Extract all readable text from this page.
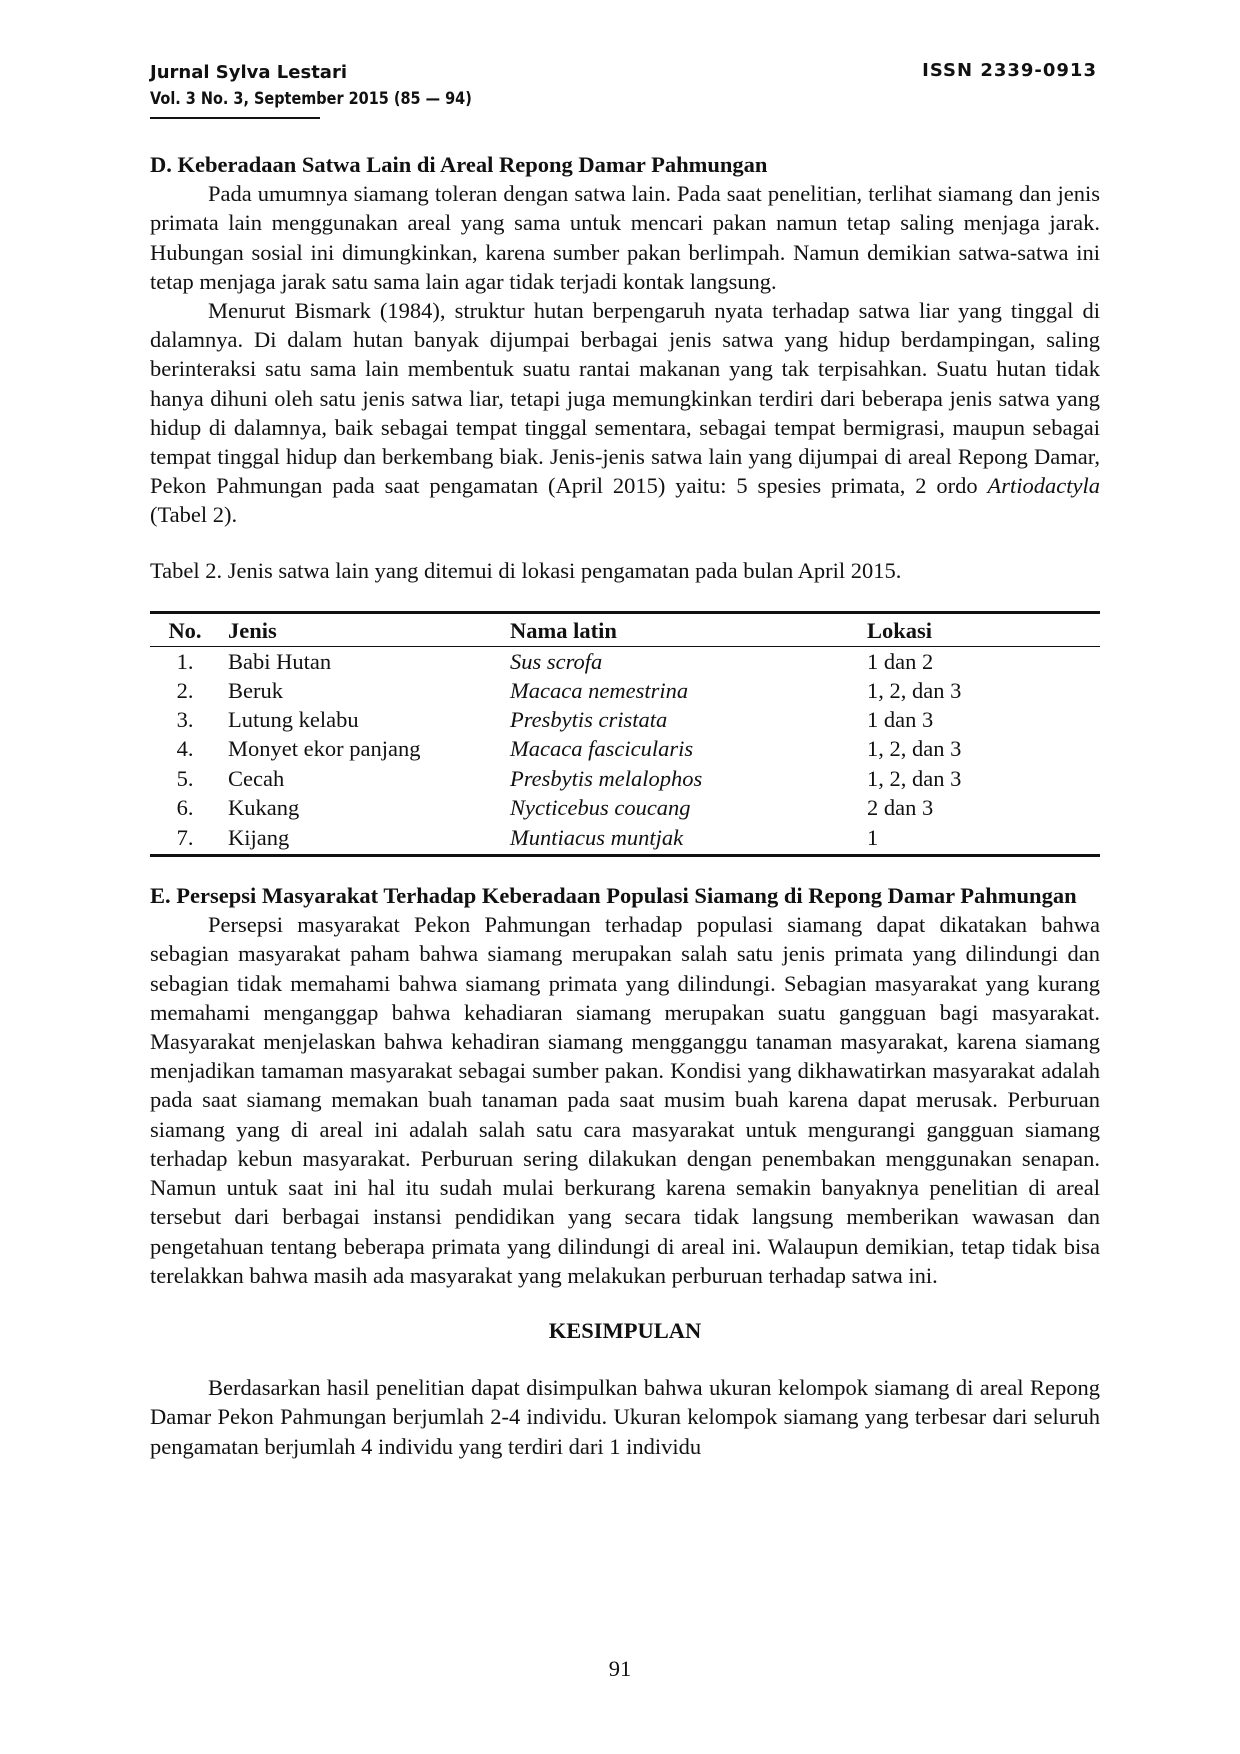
Jurnal Sylva Lestari
Vol. 3 No. 3, September 2015 (85 — 94)
ISSN 2339-0913

D. Keberadaan Satwa Lain di Areal Repong Damar Pahmungan

Pada umumnya siamang toleran dengan satwa lain. Pada saat penelitian, terlihat siamang dan jenis primata lain menggunakan areal yang sama untuk mencari pakan namun tetap saling menjaga jarak. Hubungan sosial ini dimungkinkan, karena sumber pakan berlimpah. Namun demikian satwa-satwa ini tetap menjaga jarak satu sama lain agar tidak terjadi kontak langsung.

Menurut Bismark (1984), struktur hutan berpengaruh nyata terhadap satwa liar yang tinggal di dalamnya. Di dalam hutan banyak dijumpai berbagai jenis satwa yang hidup berdampingan, saling berinteraksi satu sama lain membentuk suatu rantai makanan yang tak terpisahkan. Suatu hutan tidak hanya dihuni oleh satu jenis satwa liar, tetapi juga memungkinkan terdiri dari beberapa jenis satwa yang hidup di dalamnya, baik sebagai tempat tinggal sementara, sebagai tempat bermigrasi, maupun sebagai tempat tinggal hidup dan berkembang biak. Jenis-jenis satwa lain yang dijumpai di areal Repong Damar, Pekon Pahmungan pada saat pengamatan (April 2015) yaitu: 5 spesies primata, 2 ordo Artiodactyla (Tabel 2).

Tabel 2. Jenis satwa lain yang ditemui di lokasi pengamatan pada bulan April 2015.

No.	Jenis	Nama latin	Lokasi
1.	Babi Hutan	Sus scrofa	1 dan 2
2.	Beruk	Macaca nemestrina	1, 2, dan 3
3.	Lutung kelabu	Presbytis cristata	1 dan 3
4.	Monyet ekor panjang	Macaca fascicularis	1, 2, dan 3
5.	Cecah	Presbytis melalophos	1, 2, dan 3
6.	Kukang	Nycticebus coucang	2 dan 3
7.	Kijang	Muntiacus muntjak	1

E. Persepsi Masyarakat Terhadap Keberadaan Populasi Siamang di Repong Damar Pahmungan

Persepsi masyarakat Pekon Pahmungan terhadap populasi siamang dapat dikatakan bahwa sebagian masyarakat paham bahwa siamang merupakan salah satu jenis primata yang dilindungi dan sebagian tidak memahami bahwa siamang primata yang dilindungi. Sebagian masyarakat yang kurang memahami menganggap bahwa kehadiaran siamang merupakan suatu gangguan bagi masyarakat. Masyarakat menjelaskan bahwa kehadiran siamang mengganggu tanaman masyarakat, karena siamang menjadikan tamaman masyarakat sebagai sumber pakan. Kondisi yang dikhawatirkan masyarakat adalah pada saat siamang memakan buah tanaman pada saat musim buah karena dapat merusak. Perburuan siamang yang di areal ini adalah salah satu cara masyarakat untuk mengurangi gangguan siamang terhadap kebun masyarakat. Perburuan sering dilakukan dengan penembakan menggunakan senapan. Namun untuk saat ini hal itu sudah mulai berkurang karena semakin banyaknya penelitian di areal tersebut dari berbagai instansi pendidikan yang secara tidak langsung memberikan wawasan dan pengetahuan tentang beberapa primata yang dilindungi di areal ini. Walaupun demikian, tetap tidak bisa terelakkan bahwa masih ada masyarakat yang melakukan perburuan terhadap satwa ini.

KESIMPULAN

Berdasarkan hasil penelitian dapat disimpulkan bahwa ukuran kelompok siamang di areal Repong Damar Pekon Pahmungan berjumlah 2-4 individu. Ukuran kelompok siamang yang terbesar dari seluruh pengamatan berjumlah 4 individu yang terdiri dari 1 individu

91
